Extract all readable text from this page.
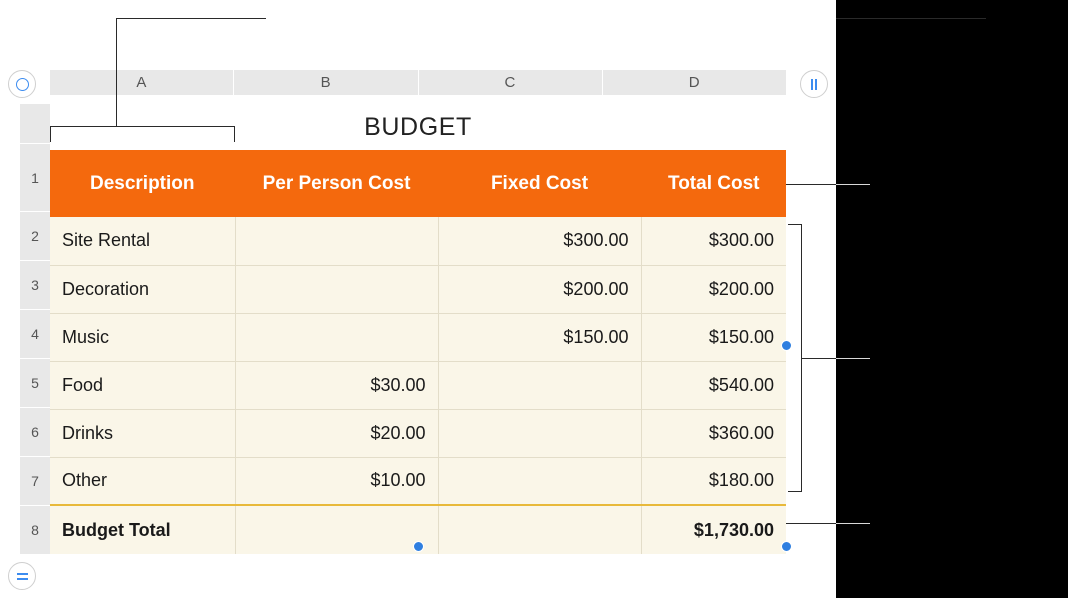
A	B	C	D
1
2
3
4
5
6
7
8
BUDGET
Description	Per Person Cost	Fixed Cost	Total Cost
Site Rental		$300.00	$300.00
Decoration		$200.00	$200.00
Music		$150.00	$150.00
Food	$30.00		$540.00
Drinks	$20.00		$360.00
Other	$10.00		$180.00
Budget Total			$1,730.00
